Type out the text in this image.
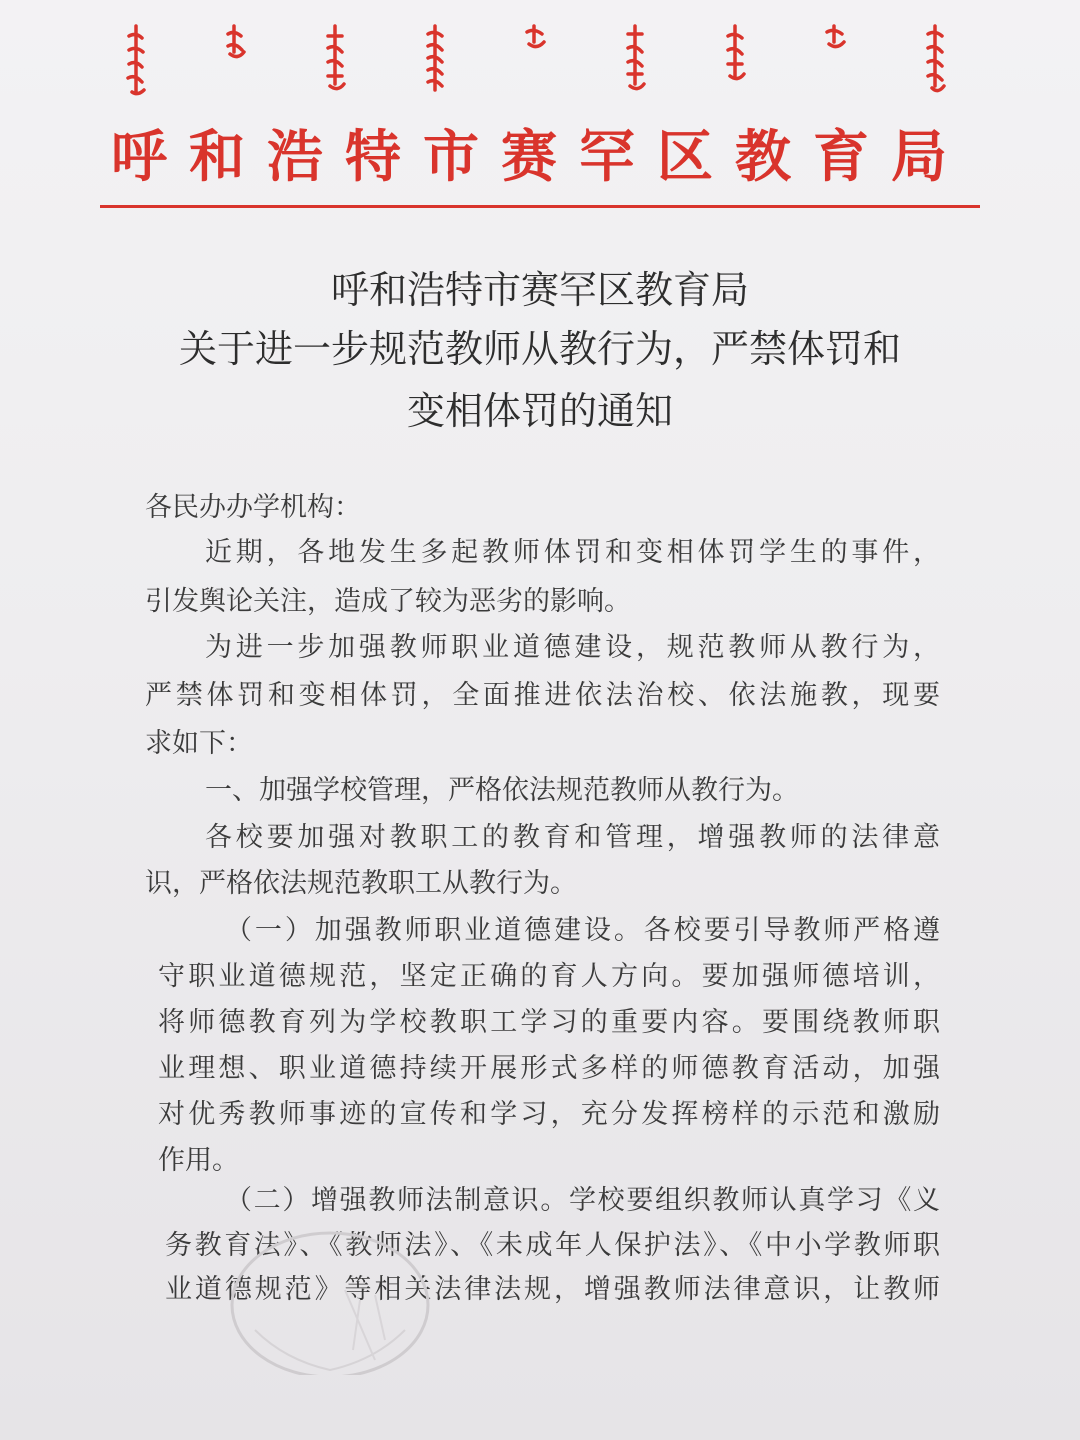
呼和浩特市赛罕区教育局
呼和浩特市赛罕区教育局
关于进一步规范教师从教行为，严禁体罚和
变相体罚的通知
各民办办学机构：
近期，各地发生多起教师体罚和变相体罚学生的事件，
引发舆论关注，造成了较为恶劣的影响。
为进一步加强教师职业道德建设，规范教师从教行为，
严禁体罚和变相体罚，全面推进依法治校、依法施教，现要
求如下：
一、加强学校管理，严格依法规范教师从教行为。
各校要加强对教职工的教育和管理，增强教师的法律意
识，严格依法规范教职工从教行为。
（一）加强教师职业道德建设。各校要引导教师严格遵
守职业道德规范，坚定正确的育人方向。要加强师德培训，
将师德教育列为学校教职工学习的重要内容。要围绕教师职
业理想、职业道德持续开展形式多样的师德教育活动，加强
对优秀教师事迹的宣传和学习，充分发挥榜样的示范和激励
作用。
（二）增强教师法制意识。学校要组织教师认真学习《义
务教育法》、《教师法》、《未成年人保护法》、《中小学教师职
业道德规范》等相关法律法规，增强教师法律意识，让教师
